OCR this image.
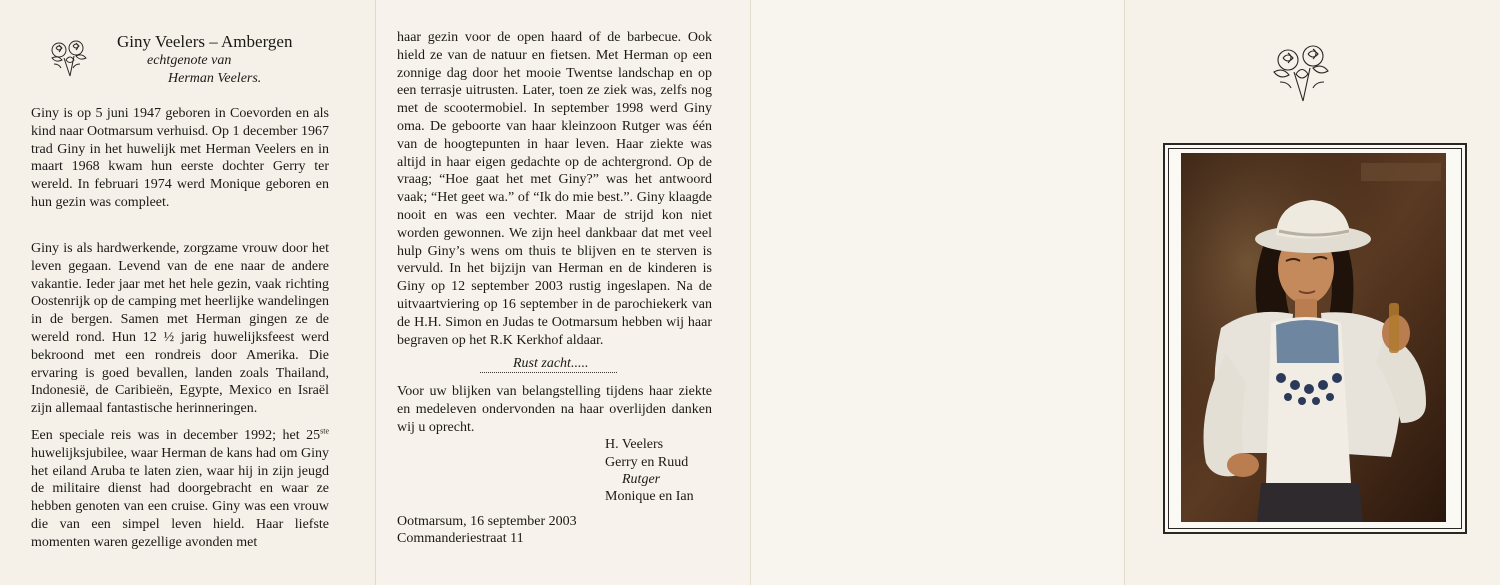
Giny Veelers – Ambergen
echtgenote van
Herman Veelers.

Giny is op 5 juni 1947 geboren in Coevorden en als kind naar Ootmarsum verhuisd. Op 1 december 1967 trad Giny in het huwelijk met Herman Veelers en in maart 1968 kwam hun eerste dochter Gerry ter wereld. In februari 1974 werd Monique geboren en hun gezin was compleet.

Giny is als hardwerkende, zorgzame vrouw door het leven gegaan. Levend van de ene naar de andere vakantie. Ieder jaar met het hele gezin, vaak richting Oostenrijk op de camping met heerlijke wandelingen in de bergen. Samen met Herman gingen ze de wereld rond. Hun 12 ½ jarig huwelijksfeest werd bekroond met een rondreis door Amerika. Die ervaring is goed bevallen, landen zoals Thailand, Indonesië, de Caribieën, Egypte, Mexico en Israël zijn allemaal fantastische herinneringen.

Een speciale reis was in december 1992; het 25ste huwelijksjubilee, waar Herman de kans had om Giny het eiland Aruba te laten zien, waar hij in zijn jeugd de militaire dienst had doorgebracht en waar ze hebben genoten van een cruise. Giny was een vrouw die van een simpel leven hield. Haar liefste momenten waren gezellige avonden met

haar gezin voor de open haard of de barbecue. Ook hield ze van de natuur en fietsen. Met Herman op een zonnige dag door het mooie Twentse landschap en op een terrasje uitrusten. Later, toen ze ziek was, zelfs nog met de scootermobiel. In september 1998 werd Giny oma. De geboorte van haar kleinzoon Rutger was één van de hoogtepunten in haar leven. Haar ziekte was altijd in haar eigen gedachte op de achtergrond. Op de vraag; “Hoe gaat het met Giny?” was het antwoord vaak; “Het geet wa.” of “Ik do mie best.”. Giny klaagde nooit en was een vechter. Maar de strijd kon niet worden gewonnen. We zijn heel dankbaar dat met veel hulp Giny’s wens om thuis te blijven en te sterven is vervuld. In het bijzijn van Herman en de kinderen is Giny op 12 september 2003 rustig ingeslapen. Na de uitvaartviering op 16 september in de parochiekerk van de H.H. Simon en Judas te Ootmarsum hebben wij haar begraven op het R.K Kerkhof aldaar.

Rust zacht.....

Voor uw blijken van belangstelling tijdens haar ziekte en medeleven ondervonden na haar overlijden danken wij u oprecht.

H. Veelers
Gerry en Ruud
Rutger
Monique en Ian
Ootmarsum, 16 september 2003
Commanderiestraat 11
